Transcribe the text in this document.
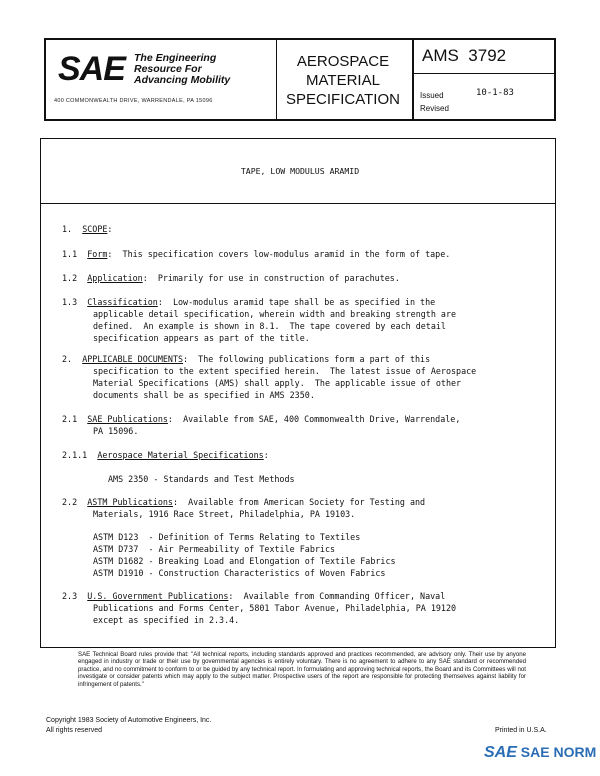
SAE The Engineering
Resource For
Advancing Mobility
400 COMMONWEALTH DRIVE, WARRENDALE, PA 15096
AEROSPACE
MATERIAL
SPECIFICATION
AMS  3792
Issued	10-1-83
Revised
TAPE, LOW MODULUS ARAMID
1. SCOPE:
1.1 Form:  This specification covers low-modulus aramid in the form of tape.
1.2 Application:  Primarily for use in construction of parachutes.
1.3 Classification:  Low-modulus aramid tape shall be as specified in the
applicable detail specification, wherein width and breaking strength are
defined.  An example is shown in 8.1.  The tape covered by each detail
specification appears as part of the title.
2. APPLICABLE DOCUMENTS:  The following publications form a part of this
specification to the extent specified herein.  The latest issue of Aerospace
Material Specifications (AMS) shall apply.  The applicable issue of other
documents shall be as specified in AMS 2350.
2.1 SAE Publications:  Available from SAE, 400 Commonwealth Drive, Warrendale,
PA 15096.
2.1.1 Aerospace Material Specifications:
AMS 2350 - Standards and Test Methods
2.2 ASTM Publications:  Available from American Society for Testing and
Materials, 1916 Race Street, Philadelphia, PA 19103.
ASTM D123  - Definition of Terms Relating to Textiles
ASTM D737  - Air Permeability of Textile Fabrics
ASTM D1682 - Breaking Load and Elongation of Textile Fabrics
ASTM D1910 - Construction Characteristics of Woven Fabrics
2.3 U.S. Government Publications:  Available from Commanding Officer, Naval
Publications and Forms Center, 5801 Tabor Avenue, Philadelphia, PA 19120
except as specified in 2.3.4.
SAE Technical Board rules provide that: "All technical reports, including standards approved and practices recommended, are advisory only. Their use by anyone engaged in industry or trade or their use by governmental agencies is entirely voluntary. There is no agreement to adhere to any SAE standard or recommended practice, and no commitment to conform to or be guided by any technical report. In formulating and approving technical reports, the Board and its Committees will not investigate or consider patents which may apply to the subject matter. Prospective users of the report are responsible for protecting themselves against liability for infringement of patents."
Copyright 1983 Society of Automotive Engineers, Inc.
All rights reserved	Printed in U.S.A.
SAE SAE NORM
